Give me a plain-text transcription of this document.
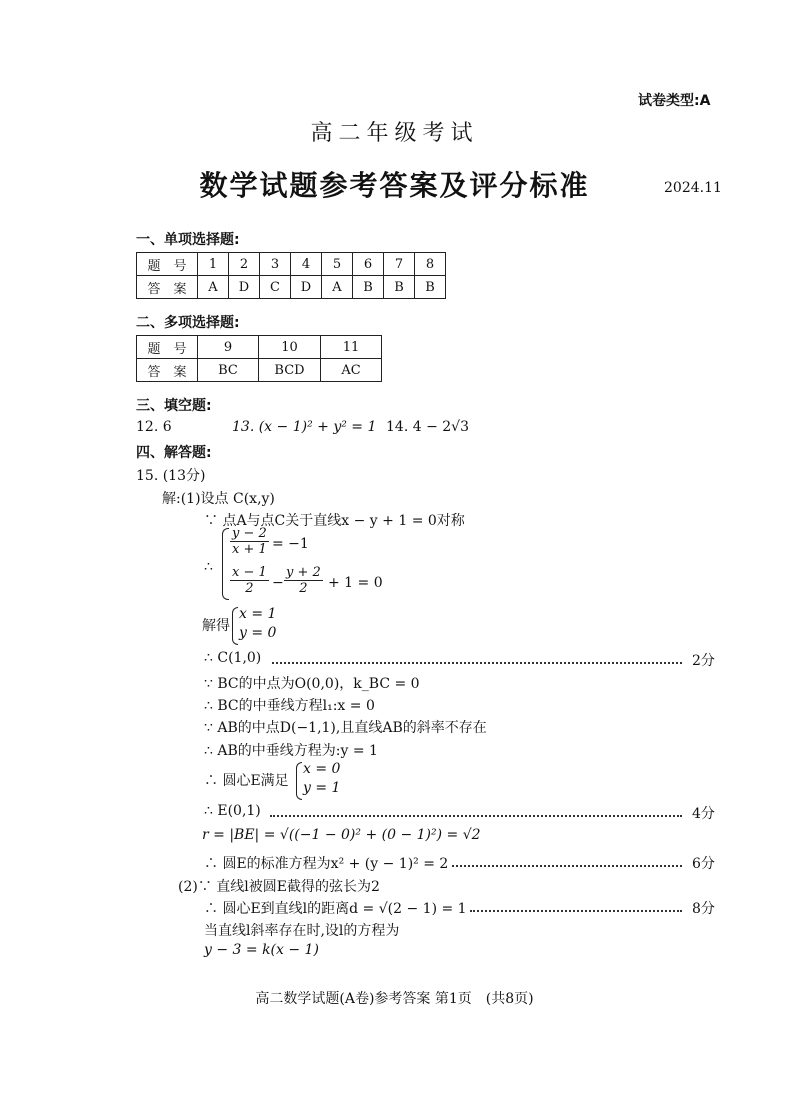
试卷类型:A
高二年级考试
数学试题参考答案及评分标准	2024.11
一、单项选择题:
题　号	1	2	3	4	5	6	7	8
答　案	A	D	C	D	A	B	B	B
二、多项选择题:
题　号	9	10	11
答　案	BC	BCD	AC
三、填空题:
12. 6	13. (x − 1)² + y² = 1 14. 4 − 2√3
四、解答题:
15. (13分)
解:(1)设点 C(x,y)
∵ 点A与点C关于直线x − y + 1 = 0对称
∴
$\frac{y - 2}{x + 1} = -1$
$\frac{x - 1}{2} - \frac{y + 2}{2} + 1 = 0$
解得
x = 1
y = 0
∴ C(1,0)	2分
∵ BC的中点为O(0,0)，k_BC = 0
∴ BC的中垂线方程l₁:x = 0
∵ AB的中点D(−1,1),且直线AB的斜率不存在
∴ AB的中垂线方程为:y = 1
∴ 圆心E满足
x = 0
y = 1
∴ E(0,1)	4分
r = |BE| = √((−1 − 0)² + (0 − 1)²) = √2
∴ 圆E的标准方程为x² + (y − 1)² = 2	6分
(2)∵ 直线l被圆E截得的弦长为2
∴ 圆心E到直线l的距离d = √(2 − 1) = 1	8分
当直线l斜率存在时,设l的方程为
y − 3 = k(x − 1)
高二数学试题(A卷)参考答案 第1页　(共8页)
